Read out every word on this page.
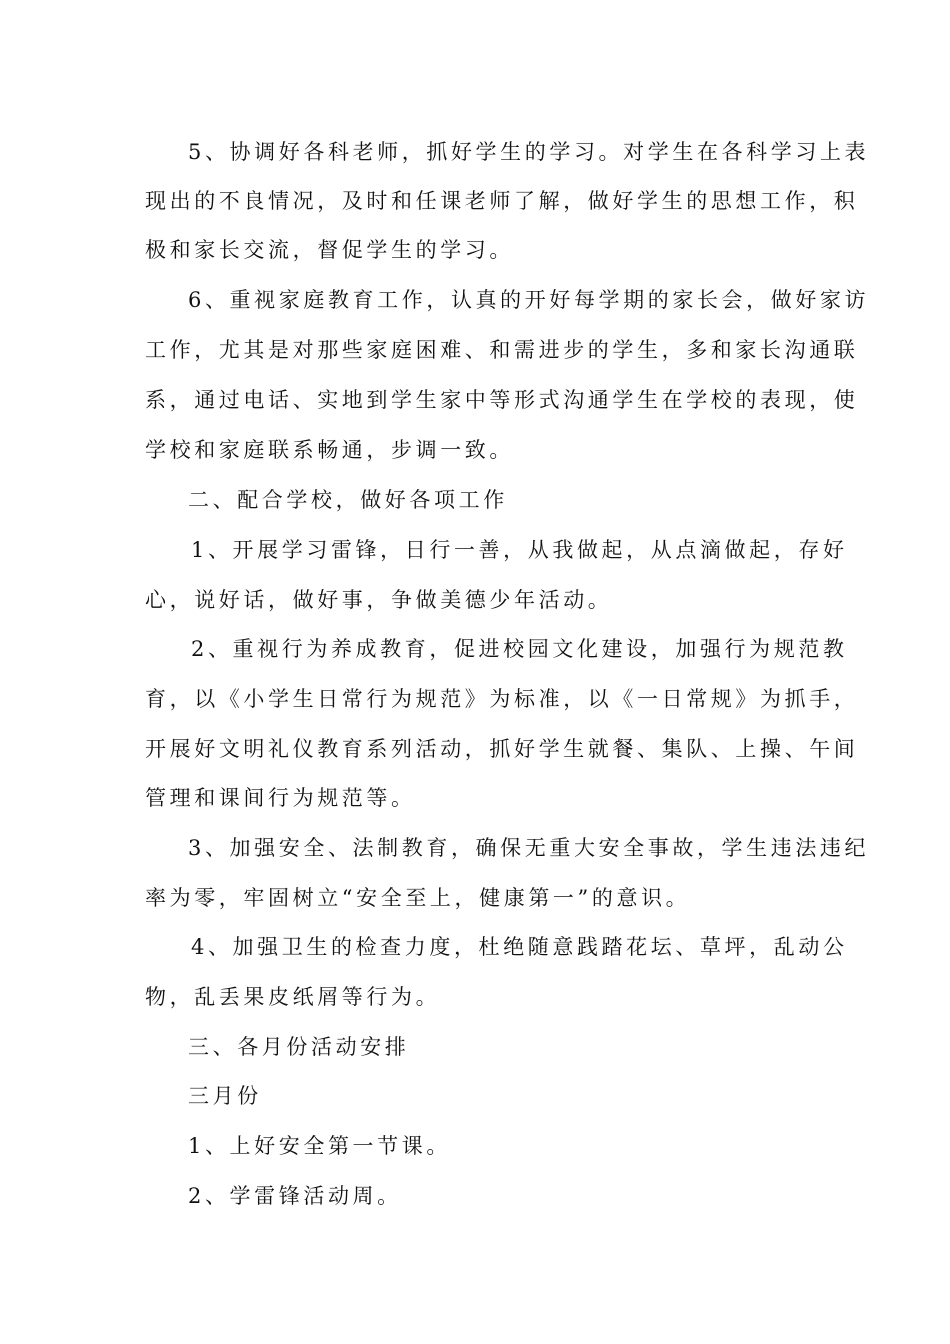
5、协调好各科老师，抓好学生的学习。对学生在各科学习上表
现出的不良情况，及时和任课老师了解，做好学生的思想工作，积
极和家长交流，督促学生的学习。
6、重视家庭教育工作，认真的开好每学期的家长会，做好家访
工作，尤其是对那些家庭困难、和需进步的学生，多和家长沟通联
系，通过电话、实地到学生家中等形式沟通学生在学校的表现，使
学校和家庭联系畅通，步调一致。
二、配合学校，做好各项工作
1、开展学习雷锋，日行一善，从我做起，从点滴做起，存好
心，说好话，做好事，争做美德少年活动。
2、重视行为养成教育，促进校园文化建设，加强行为规范教
育，以《小学生日常行为规范》为标准，以《一日常规》为抓手，
开展好文明礼仪教育系列活动，抓好学生就餐、集队、上操、午间
管理和课间行为规范等。
3、加强安全、法制教育，确保无重大安全事故，学生违法违纪
率为零，牢固树立“安全至上，健康第一”的意识。
4、加强卫生的检查力度，杜绝随意践踏花坛、草坪，乱动公
物，乱丢果皮纸屑等行为。
三、各月份活动安排
三月份
1、上好安全第一节课。
2、学雷锋活动周。
